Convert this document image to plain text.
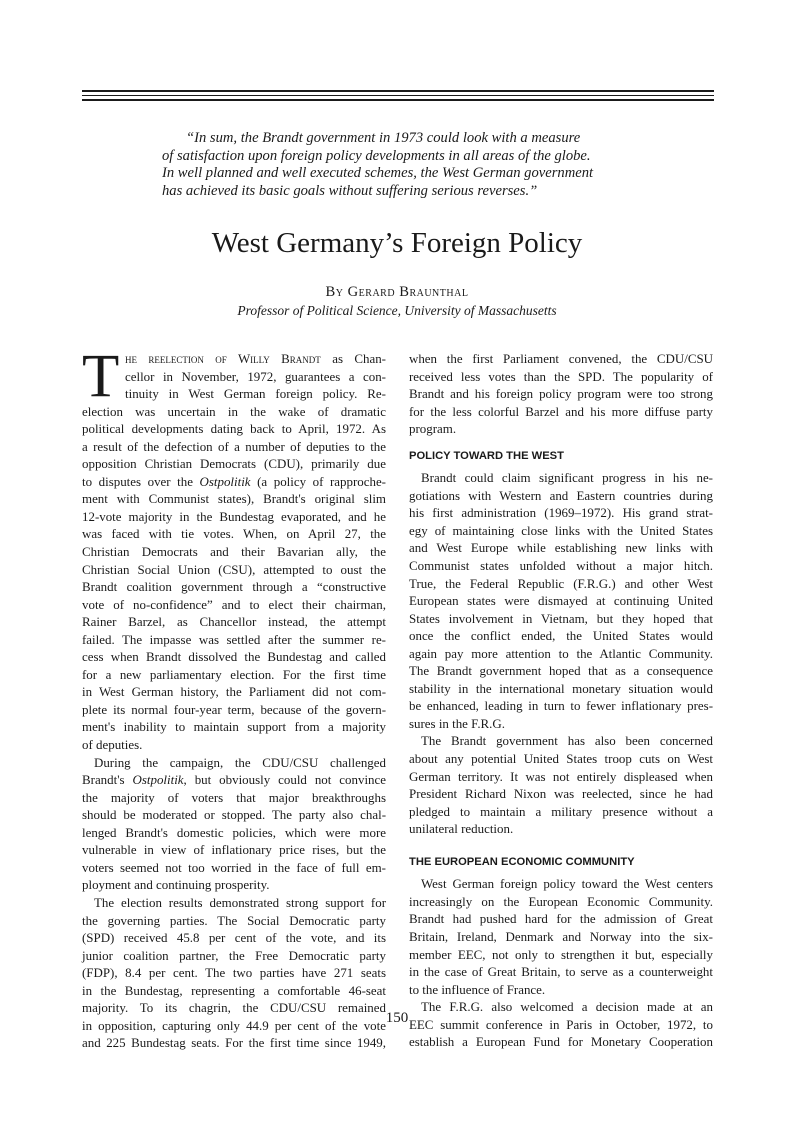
“In sum, the Brandt government in 1973 could look with a measure
of satisfaction upon foreign policy developments in all areas of the globe.
In well planned and well executed schemes, the West German government
has achieved its basic goals without suffering serious reverses.”
West Germany’s Foreign Policy
By Gerard Braunthal
Professor of Political Science, University of Massachusetts
T he reelection of Willy Brandt as Chan-
cellor in November, 1972, guarantees a con-
tinuity in West German foreign policy. Re-
election was uncertain in the wake of dramatic
political developments dating back to April, 1972. As
a result of the defection of a number of deputies to the
opposition Christian Democrats (CDU), primarily due
to disputes over the Ostpolitik (a policy of rapproche-
ment with Communist states), Brandt's original slim
12-vote majority in the Bundestag evaporated, and he
was faced with tie votes. When, on April 27, the
Christian Democrats and their Bavarian ally, the
Christian Social Union (CSU), attempted to oust the
Brandt coalition government through a “constructive
vote of no-confidence” and to elect their chairman,
Rainer Barzel, as Chancellor instead, the attempt
failed. The impasse was settled after the summer re-
cess when Brandt dissolved the Bundestag and called
for a new parliamentary election. For the first time
in West German history, the Parliament did not com-
plete its normal four-year term, because of the govern-
ment's inability to maintain support from a majority
of deputies.
During the campaign, the CDU/CSU challenged
Brandt's Ostpolitik, but obviously could not convince
the majority of voters that major breakthroughs
should be moderated or stopped. The party also chal-
lenged Brandt's domestic policies, which were more
vulnerable in view of inflationary price rises, but the
voters seemed not too worried in the face of full em-
ployment and continuing prosperity.
The election results demonstrated strong support for
the governing parties. The Social Democratic party
(SPD) received 45.8 per cent of the vote, and its
junior coalition partner, the Free Democratic party
(FDP), 8.4 per cent. The two parties have 271 seats
in the Bundestag, representing a comfortable 46-seat
majority. To its chagrin, the CDU/CSU remained
in opposition, capturing only 44.9 per cent of the vote
and 225 Bundestag seats. For the first time since 1949,
when the first Parliament convened, the CDU/CSU
received less votes than the SPD. The popularity of
Brandt and his foreign policy program were too strong
for the less colorful Barzel and his more diffuse party
program.
POLICY TOWARD THE WEST
Brandt could claim significant progress in his ne-
gotiations with Western and Eastern countries during
his first administration (1969–1972). His grand strat-
egy of maintaining close links with the United States
and West Europe while establishing new links with
Communist states unfolded without a major hitch.
True, the Federal Republic (F.R.G.) and other West
European states were dismayed at continuing United
States involvement in Vietnam, but they hoped that
once the conflict ended, the United States would
again pay more attention to the Atlantic Community.
The Brandt government hoped that as a consequence
stability in the international monetary situation would
be enhanced, leading in turn to fewer inflationary pres-
sures in the F.R.G.
The Brandt government has also been concerned
about any potential United States troop cuts on West
German territory. It was not entirely displeased when
President Richard Nixon was reelected, since he had
pledged to maintain a military presence without a
unilateral reduction.
THE EUROPEAN ECONOMIC COMMUNITY
West German foreign policy toward the West centers
increasingly on the European Economic Community.
Brandt had pushed hard for the admission of Great
Britain, Ireland, Denmark and Norway into the six-
member EEC, not only to strengthen it but, especially
in the case of Great Britain, to serve as a counterweight
to the influence of France.
The F.R.G. also welcomed a decision made at an
EEC summit conference in Paris in October, 1972, to
establish a European Fund for Monetary Cooperation
150
